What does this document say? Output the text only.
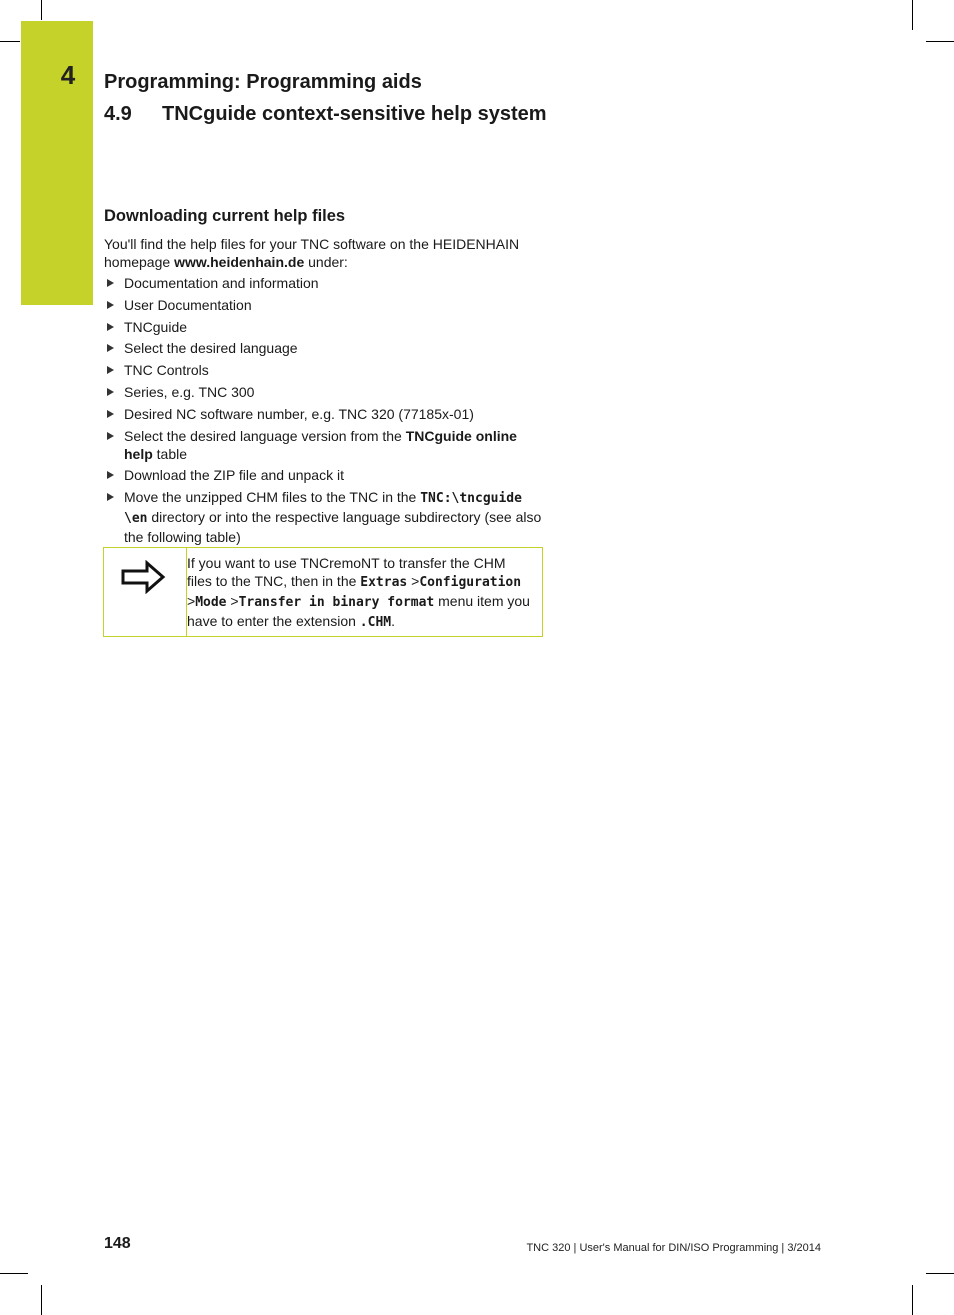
4 Programming: Programming aids
4.9 TNCguide context-sensitive help system
Downloading current help files

You'll find the help files for your TNC software on the HEIDENHAIN homepage www.heidenhain.de under:

Documentation and information
User Documentation
TNCguide
Select the desired language
TNC Controls
Series, e.g. TNC 300
Desired NC software number, e.g. TNC 320 (77185x-01)
Select the desired language version from the TNCguide online help table
Download the ZIP file and unpack it
Move the unzipped CHM files to the TNC in the TNC:\tncguide \en directory or into the respective language subdirectory (see also the following table)
If you want to use TNCremoNT to transfer the CHM files to the TNC, then in the Extras >Configuration >Mode >Transfer in binary format menu item you have to enter the extension .CHM.
148	TNC 320 | User's Manual for DIN/ISO Programming | 3/2014
